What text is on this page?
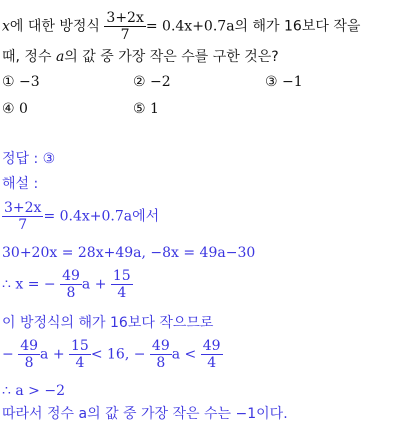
x에 대한 방정식 $\frac{3+2x}{7} = 0.4x+0.7a$의 해가 16보다 작을
때, 정수 a의 값 중 가장 작은 수를 구한 것은?
① −3	② −2	③ −1
④ 0	⑤ 1
정답 : ③
해설 :
$\frac{3+2x}{7} = 0.4x+0.7a$에서
30+20x = 28x+49a, −8x = 49a−30
∴ x = − $\frac{49}{8}$ $a + \frac{15}{4}$
이 방정식의 해가 16보다 작으므로
− $\frac{49}{8}$ $a + \frac{15}{4} < 16$, − $\frac{49}{8}$ $a < \frac{49}{4}$
∴ a > −2
따라서 정수 a의 값 중 가장 작은 수는 −1이다.
